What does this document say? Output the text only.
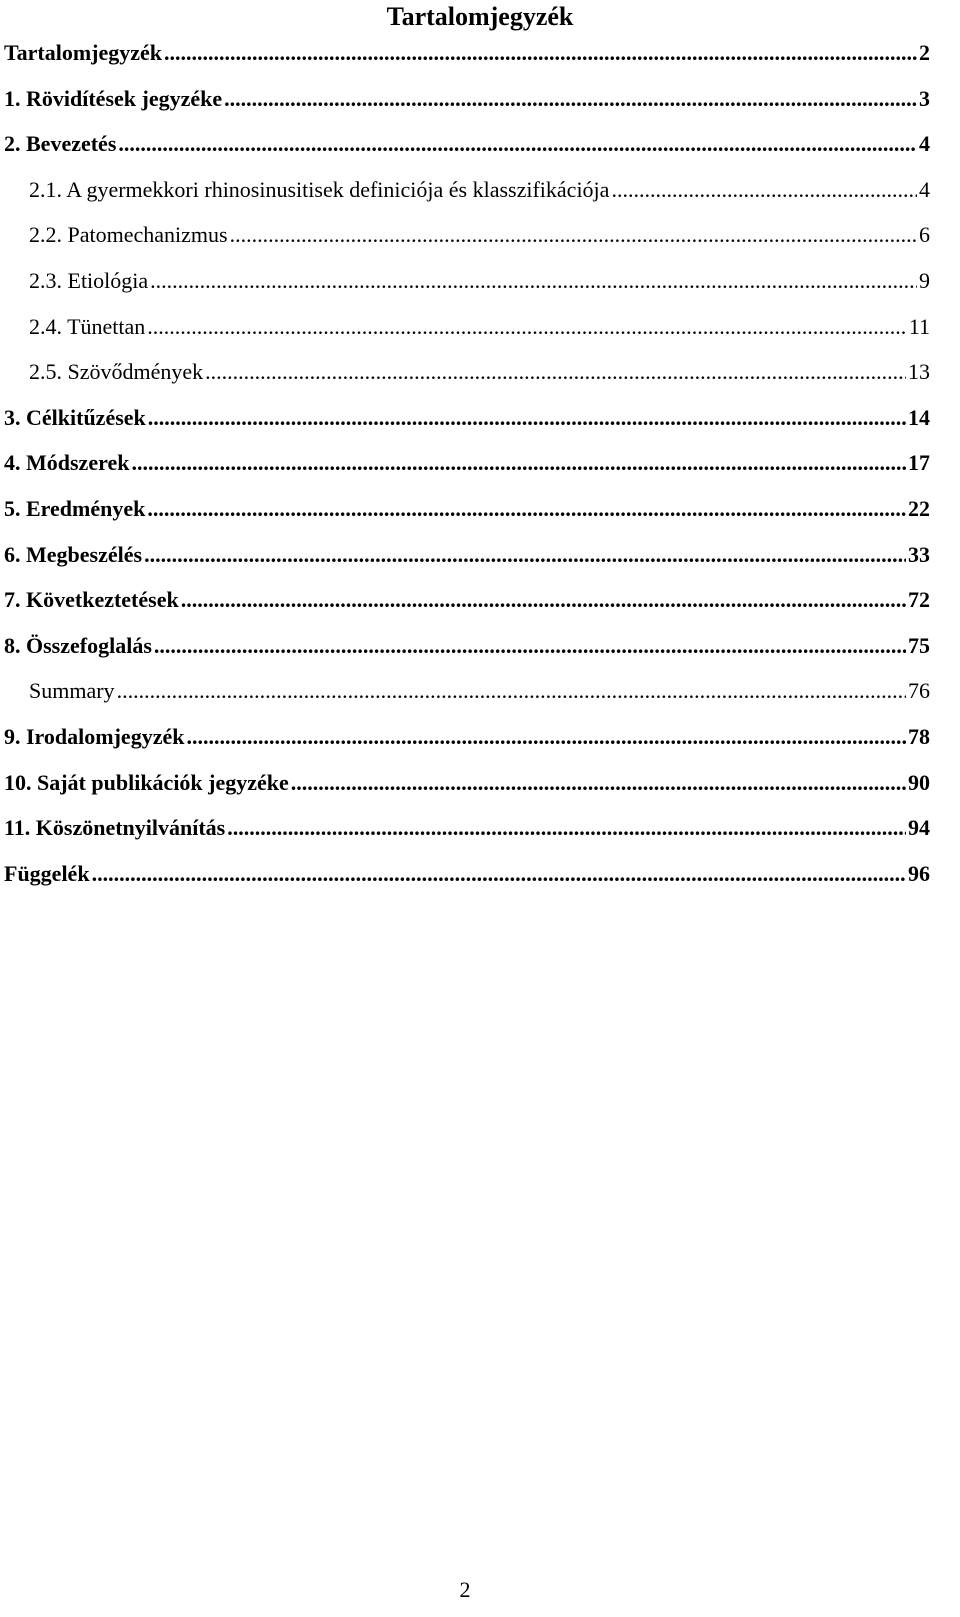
Tartalomjegyzék
Tartalomjegyzék .....	2
1. Rövidítések jegyzéke .....	3
2. Bevezetés .....	4
2.1. A gyermekkori rhinosinusitisek definiciója és klasszifikációja .....	4
2.2. Patomechanizmus .....	6
2.3. Etiológia .....	9
2.4. Tünettan .....	11
2.5. Szövődmények .....	13
3. Célkitűzések .....	14
4. Módszerek .....	17
5. Eredmények .....	22
6. Megbeszélés .....	33
7. Következtetések .....	72
8. Összefoglalás .....	75
Summary .....	76
9. Irodalomjegyzék .....	78
10. Saját publikációk jegyzéke .....	90
11. Köszönetnyilvánítás .....	94
Függelék .....	96
2
